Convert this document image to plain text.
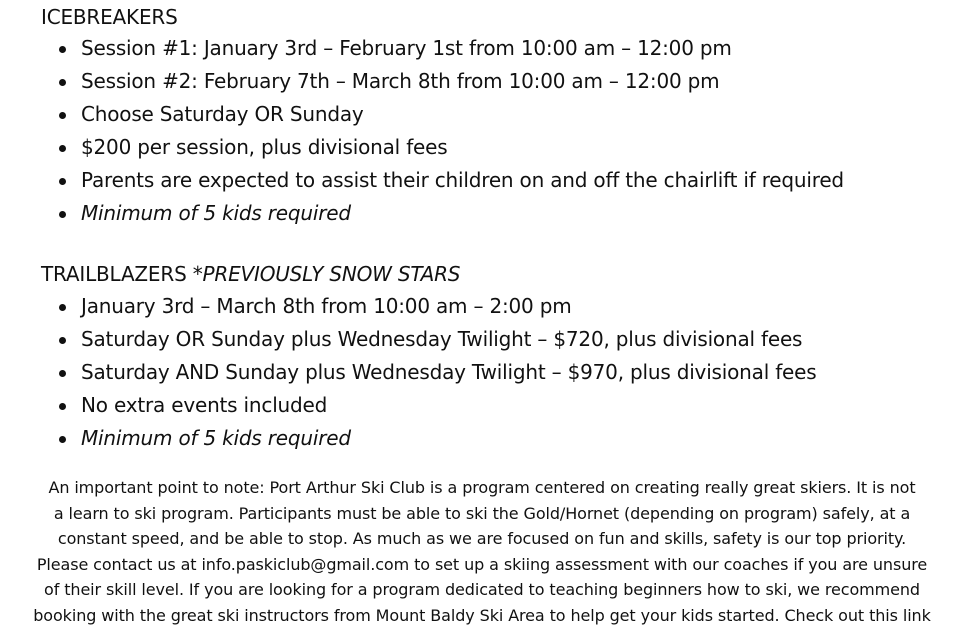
ICEBREAKERS
Session #1: January 3rd – February 1st from 10:00 am – 12:00 pm
Session #2: February 7th – March 8th from 10:00 am – 12:00 pm
Choose Saturday OR Sunday
$200 per session, plus divisional fees
Parents are expected to assist their children on and off the chairlift if required
Minimum of 5 kids required
TRAILBLAZERS *PREVIOUSLY SNOW STARS
January 3rd – March 8th from 10:00 am – 2:00 pm
Saturday OR Sunday plus Wednesday Twilight – $720, plus divisional fees
Saturday AND Sunday plus Wednesday Twilight – $970, plus divisional fees
No extra events included
Minimum of 5 kids required

An important point to note: Port Arthur Ski Club is a program centered on creating really great skiers. It is not
a learn to ski program. Participants must be able to ski the Gold/Hornet (depending on program) safely, at a
constant speed, and be able to stop. As much as we are focused on fun and skills, safety is our top priority.
Please contact us at info.paskiclub@gmail.com to set up a skiing assessment with our coaches if you are unsure
of their skill level. If you are looking for a program dedicated to teaching beginners how to ski, we recommend
booking with the great ski instructors from Mount Baldy Ski Area to help get your kids started. Check out this link
